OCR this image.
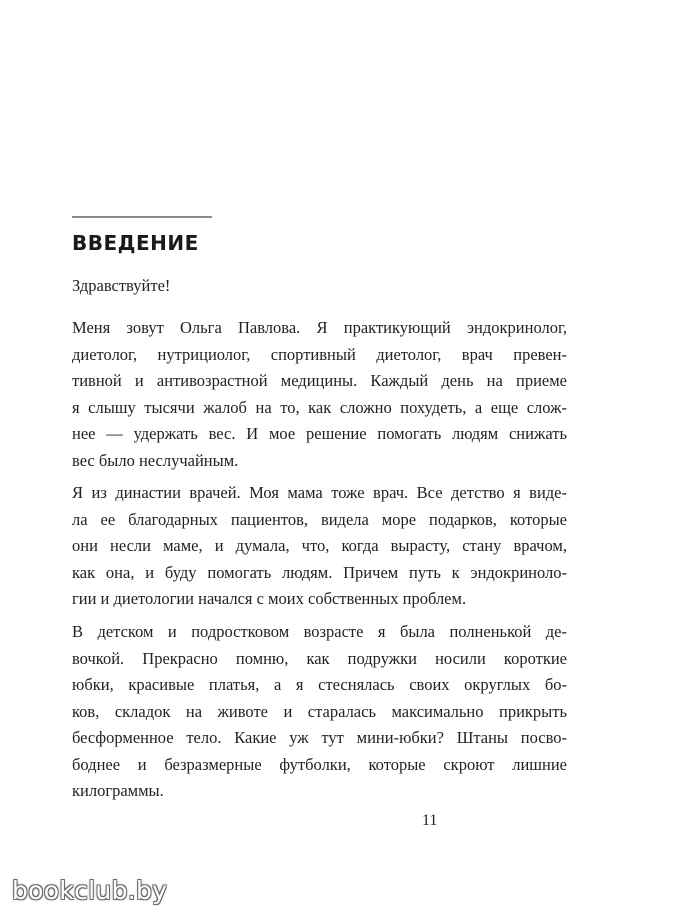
ВВЕДЕНИЕ

Здравствуйте!

Меня зовут Ольга Павлова. Я практикующий эндокринолог,
диетолог, нутрициолог, спортивный диетолог, врач превен-
тивной и антивозрастной медицины. Каждый день на приеме
я слышу тысячи жалоб на то, как сложно похудеть, а еще слож-
нее — удержать вес. И мое решение помогать людям снижать
вес было неслучайным.

Я из династии врачей. Моя мама тоже врач. Все детство я виде-
ла ее благодарных пациентов, видела море подарков, которые
они несли маме, и думала, что, когда вырасту, стану врачом,
как она, и буду помогать людям. Причем путь к эндокриноло-
гии и диетологии начался с моих собственных проблем.

В детском и подростковом возрасте я была полненькой де-
вочкой. Прекрасно помню, как подружки носили короткие
юбки, красивые платья, а я стеснялась своих округлых бо-
ков, складок на животе и старалась максимально прикрыть
бесформенное тело. Какие уж тут мини-юбки? Штаны посво-
боднее и безразмерные футболки, которые скроют лишние
килограммы.

11
bookclub.by
